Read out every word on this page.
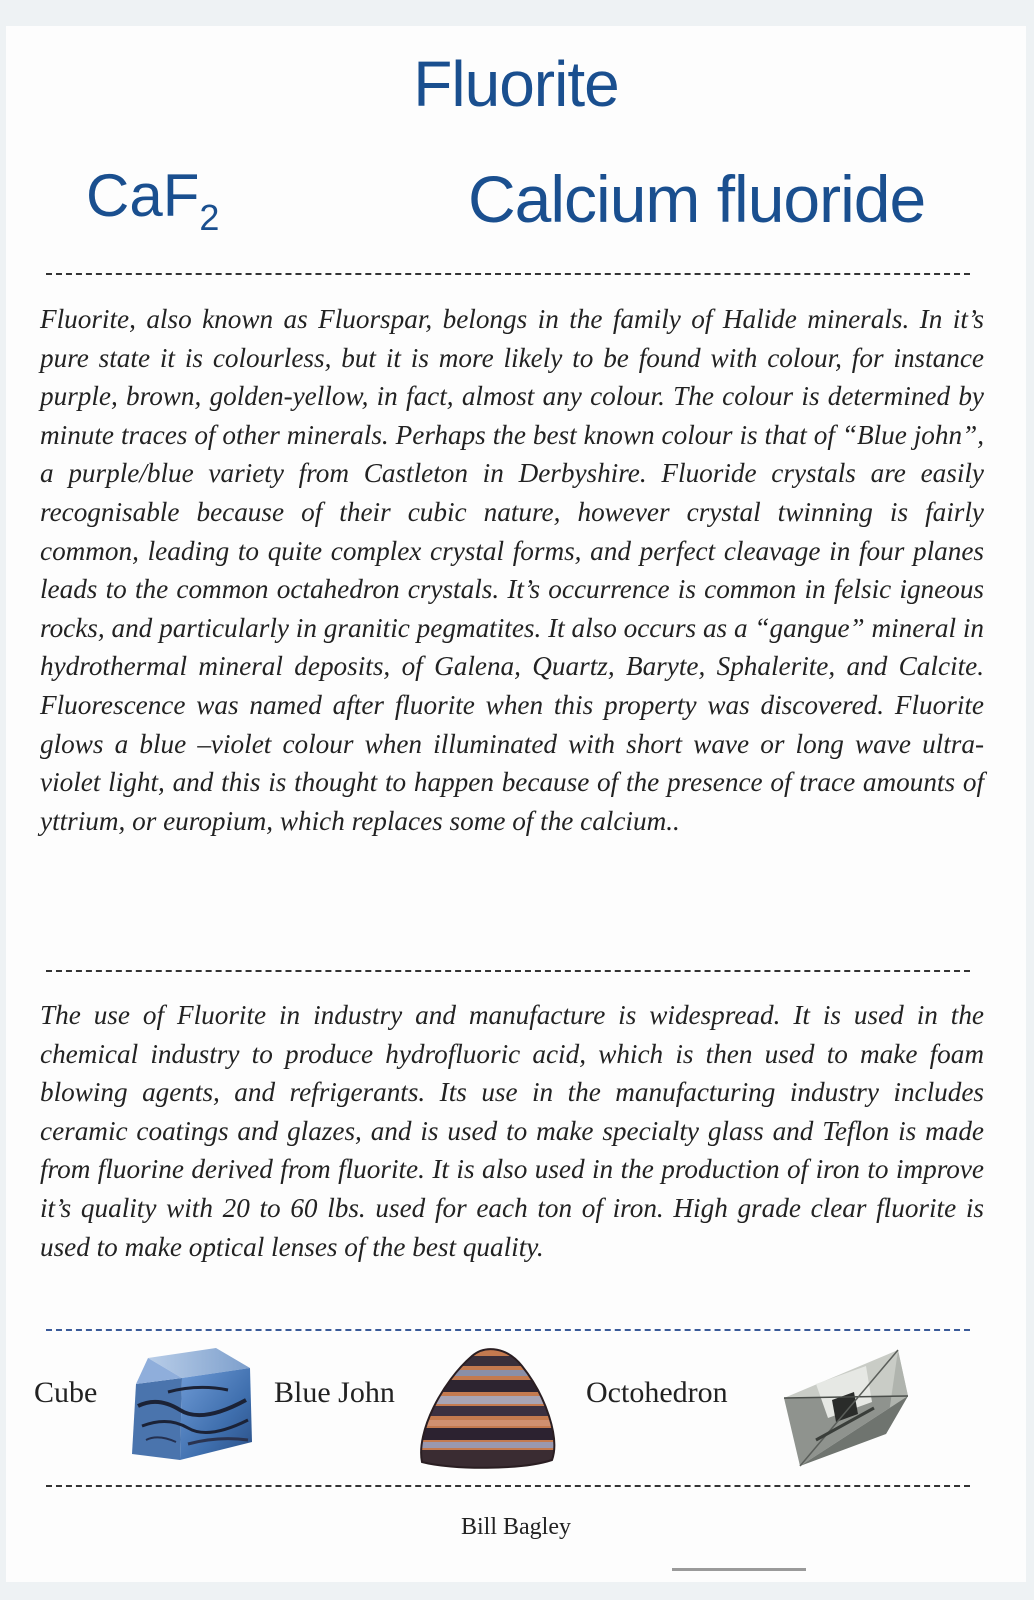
Fluorite
CaF$_2$	Calcium fluoride

Fluorite, also known as Fluorspar, belongs in the family of Halide minerals. In it’s pure state it is colourless, but it is more likely to be found with colour, for instance purple, brown, golden-yellow, in fact, almost any colour. The colour is determined by minute traces of other minerals. Perhaps the best known colour is that of “Blue john”, a purple/blue variety from Castleton in Derbyshire. Fluoride crystals are easily recognisable because of their cubic nature, however crystal twinning is fairly common, leading to quite complex crystal forms, and perfect cleavage in four planes leads to the common octahedron crystals. It’s occurrence is common in felsic igneous rocks, and particularly in granitic pegmatites. It also occurs as a “gangue” mineral in hydrothermal mineral deposits, of Galena, Quartz, Baryte, Sphalerite, and Calcite. Fluorescence was named after fluorite when this property was discovered. Fluorite glows a blue –violet colour when illuminated with short wave or long wave ultra-violet light, and this is thought to happen because of the presence of trace amounts of yttrium, or europium, which replaces some of the calcium..

The use of Fluorite in industry and manufacture is widespread. It is used in the chemical industry to produce hydrofluoric acid, which is then used to make foam blowing agents, and refrigerants. Its use in the manufacturing industry includes ceramic coatings and glazes, and is used to make specialty glass and Teflon is made from fluorine derived from fluorite. It is also used in the production of iron to improve it’s quality with 20 to 60 lbs. used for each ton of iron. High grade clear fluorite is used to make optical lenses of the best quality.

Cube	Blue John	Octohedron
Bill Bagley
